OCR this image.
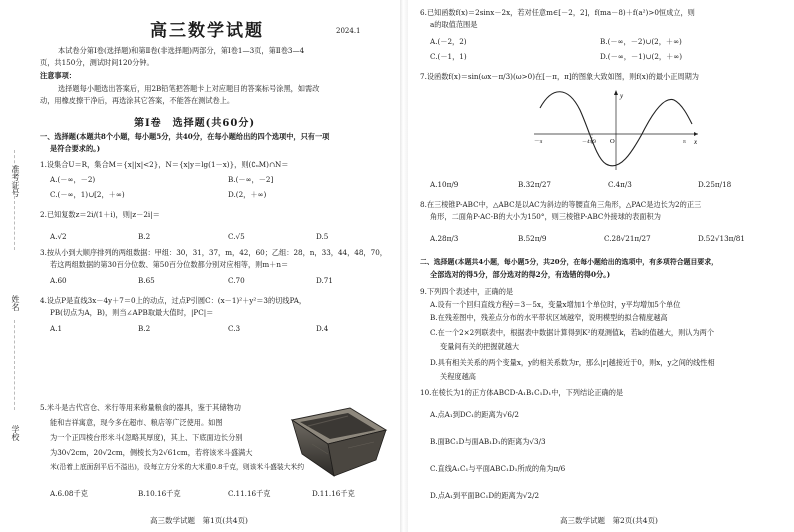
准考证号
姓名
学校
高三数学试题	2024.1
本试卷分第Ⅰ卷(选择题)和第Ⅱ卷(非选择题)两部分，第Ⅰ卷1—3页，第Ⅱ卷3—4
页，共150分，测试时间120分钟。
注意事项：
选择题每小题选出答案后，用2B铅笔把答题卡上对应题目的答案标号涂黑，如需改
动，用橡皮擦干净后，再选涂其它答案，不能答在测试卷上。
第Ⅰ卷　选择题(共60分)
一、选择题(本题共8个小题，每小题5分，共40分，在每小题给出的四个选项中，只有一项
是符合要求的。)
1.设集合U＝R，集合M＝{x||x|<2}，N＝{x|y＝lg(1－x)}，则(∁ᵤM)∩N＝
A.(－∞，－2)	B.(－∞，－2]
C.(－∞，1)∪[2，＋∞)	D.(2，＋∞)
2.已知复数z＝2i/(1＋i)，则|z－2i|＝
A.√2	B.2	C.√5	D.5
3.按从小到大顺序排列的两组数据：甲组：30，31，37，m，42，60；乙组：28，n，33，44，48，70，
若这两组数据的第30百分位数、第50百分位数都分别对应相等，则m＋n＝
A.60	B.65	C.70	D.71
4.设点P是直线3x－4y＋7＝0上的动点，过点P引圆C：(x－1)²＋y²＝3的切线PA，
PB(切点为A，B)，则当∠APB取最大值时，|PC|＝
A.1	B.2	C.3	D.4
5.米斗是古代官仓、米行等用来称量粮食的器具，鉴于其储物功
能和吉祥寓意，现今多在超市、粮店等广泛使用。如图
为一个正四棱台形米斗(忽略其厚度)，其上、下底面边长分别
为30√2cm，20√2cm，侧棱长为2√61cm，若将该米斗盛满大
米(沿着上底面刮平后不溢出)，设每立方分米的大米重0.8千克，则该米斗盛装大米约
A.6.08千克	B.10.16千克	C.11.16千克	D.11.16千克
高三数学试题　第1页(共4页)
6.已知函数f(x)＝2sinx－2x，若对任意m∈[－2，2]，f(ma－8)＋f(a²)>0恒成立，则
a的取值范围是
A.(－2，2)	B.(－∞，－2)∪(2，＋∞)
C.(－1，1)	D.(－∞，－1)∪(2，＋∞)
7.设函数f(x)＝sin(ωx－π/3)(ω>0)在[－π，π]的图象大致如图，则f(x)的最小正周期为
A.10π/9	B.32π/27	C.4π/3	D.25π/18
8.在三棱锥P-ABC中，△ABC是以AC为斜边的等腰直角三角形，△PAC是边长为2的正三
角形，二面角P-AC-B的大小为150°，则三棱锥P-ABC外接球的表面积为
A.28π/3	B.52π/9	C.28√21π/27	D.52√13π/81
二、选择题(本题共4小题，每小题5分，共20分，在每小题给出的选项中，有多项符合题目要求，
全部选对的得5分，部分选对的得2分，有选错的得0分。)
9.下列四个表述中，正确的是
A.设有一个回归直线方程ŷ＝3－5x，变量x增加1个单位时，y平均增加5个单位
B.在残差图中，残差点分布的水平带状区域越窄，说明模型的拟合精度越高
C.在一个2×2列联表中，根据表中数据计算得到K²的观测值k，若k的值越大，则认为两个
变量间有关的把握就越大
D.具有相关关系的两个变量x，y的相关系数为r，那么|r|越接近于0，则x，y之间的线性相
关程度越高
10.在棱长为1的正方体ABCD-A₁B₁C₁D₁中，下列结论正确的是
A.点A₁到DC₁的距离为√6/2
B.面BC₁D与面AB₁D₁的距离为√3/3
C.直线A₁C₁与平面ABC₁D₁所成的角为π/6
D.点A₁到平面BC₁D的距离为√2/2
高三数学试题　第2页(共4页)
y
x
O
－π	π
－4π/9
